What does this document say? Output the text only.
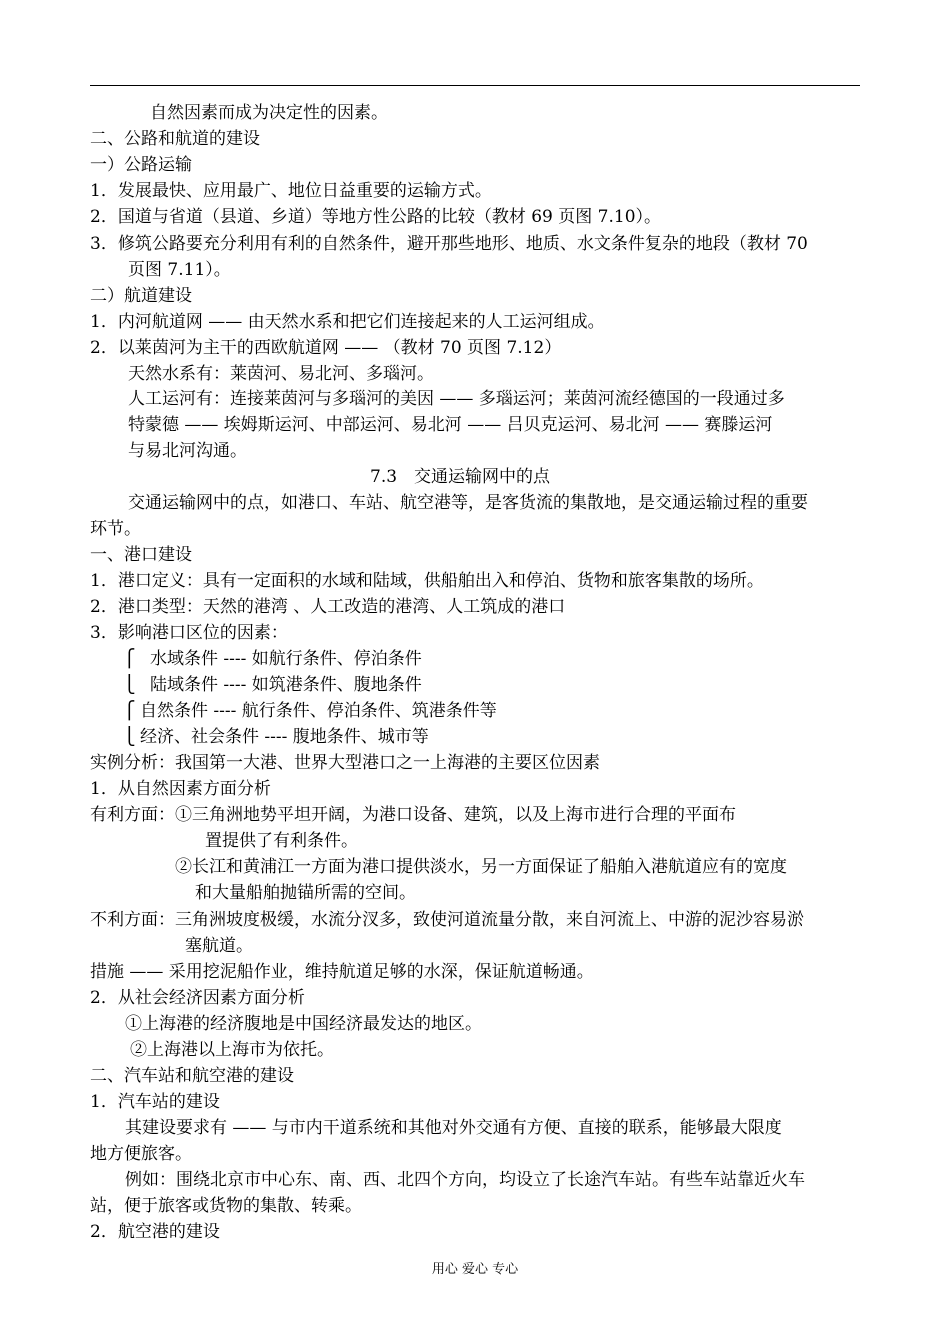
自然因素而成为决定性的因素。
二、公路和航道的建设
一）公路运输
1．发展最快、应用最广、地位日益重要的运输方式。
2．国道与省道（县道、乡道）等地方性公路的比较（教材 69 页图 7.10）。
3．修筑公路要充分利用有利的自然条件，避开那些地形、地质、水文条件复杂的地段（教材 70
页图 7.11）。
二）航道建设
1．内河航道网 —— 由天然水系和把它们连接起来的人工运河组成。
2．以莱茵河为主干的西欧航道网 —— （教材 70 页图 7.12）
天然水系有：莱茵河、易北河、多瑙河。
人工运河有：连接莱茵河与多瑙河的美因 —— 多瑙运河；莱茵河流经德国的一段通过多
特蒙德 —— 埃姆斯运河、中部运河、易北河 —— 吕贝克运河、易北河 —— 赛滕运河
与易北河沟通。
7.3　交通运输网中的点
交通运输网中的点，如港口、车站、航空港等，是客货流的集散地，是交通运输过程的重要
环节。
一、港口建设
1．港口定义：具有一定面积的水域和陆域，供船舶出入和停泊、货物和旅客集散的场所。
2．港口类型：天然的港湾 、人工改造的港湾、人工筑成的港口
3．影响港口区位的因素：
⎧
⎩
水域条件 ---- 如航行条件、停泊条件
陆域条件 ---- 如筑港条件、腹地条件
⎧
⎩
自然条件 ---- 航行条件、停泊条件、筑港条件等
经济、社会条件 ---- 腹地条件、城市等
实例分析：我国第一大港、世界大型港口之一上海港的主要区位因素
1．从自然因素方面分析
有利方面：①三角洲地势平坦开阔，为港口设备、建筑，以及上海市进行合理的平面布
置提供了有利条件。
②长江和黄浦江一方面为港口提供淡水，另一方面保证了船舶入港航道应有的宽度
和大量船舶抛锚所需的空间。
不利方面：三角洲坡度极缓，水流分汊多，致使河道流量分散，来自河流上、中游的泥沙容易淤
塞航道。
措施 —— 采用挖泥船作业，维持航道足够的水深，保证航道畅通。
2．从社会经济因素方面分析
①上海港的经济腹地是中国经济最发达的地区。
②上海港以上海市为依托。
二、汽车站和航空港的建设
1．汽车站的建设
其建设要求有 —— 与市内干道系统和其他对外交通有方便、直接的联系，能够最大限度
地方便旅客。
例如：围绕北京市中心东、南、西、北四个方向，均设立了长途汽车站。有些车站靠近火车
站，便于旅客或货物的集散、转乘。
2．航空港的建设
用心 爱心 专心
